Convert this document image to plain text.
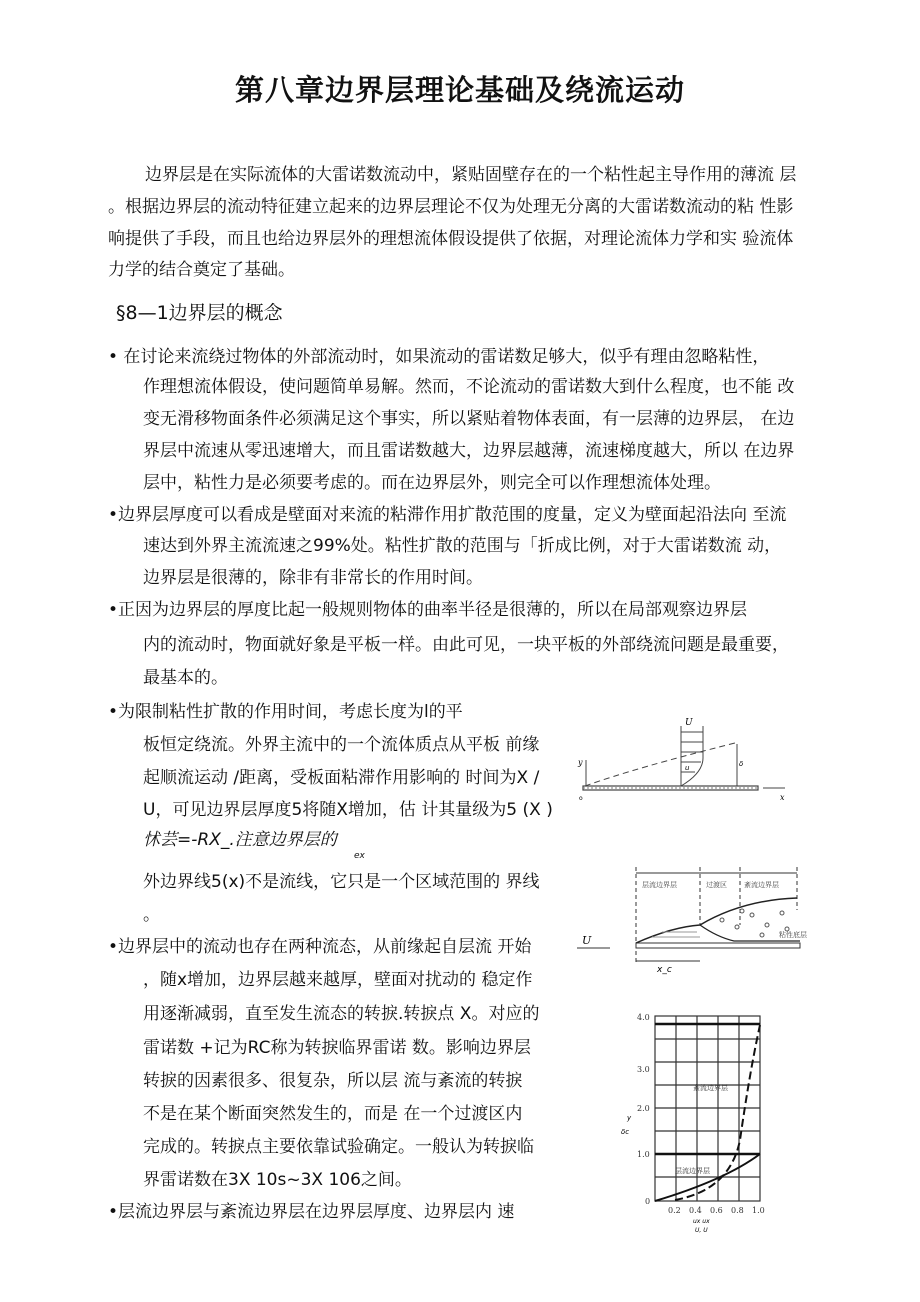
第八章边界层理论基础及绕流运动
边界层是在实际流体的大雷诺数流动中，紧贴固壁存在的一个粘性起主导作用的薄流 层
。根据边界层的流动特征建立起来的边界层理论不仅为处理无分离的大雷诺数流动的粘 性影
响提供了手段，而且也给边界层外的理想流体假设提供了依据，对理论流体力学和实 验流体
力学的结合奠定了基础。
§8—1边界层的概念
• 在讨论来流绕过物体的外部流动时，如果流动的雷诺数足够大，似乎有理由忽略粘性，
作理想流体假设，使问题简单易解。然而，不论流动的雷诺数大到什么程度，也不能 改
变无滑移物面条件必须满足这个事实，所以紧贴着物体表面，有一层薄的边界层， 在边
界层中流速从零迅速增大，而且雷诺数越大，边界层越薄，流速梯度越大，所以 在边界
层中，粘性力是必须要考虑的。而在边界层外，则完全可以作理想流体处理。
•边界层厚度可以看成是壁面对来流的粘滞作用扩散范围的度量，定义为壁面起沿法向 至流
速达到外界主流流速之99%处。粘性扩散的范围与「折成比例，对于大雷诺数流 动，
边界层是很薄的，除非有非常长的作用时间。
•正因为边界层的厚度比起一般规则物体的曲率半径是很薄的，所以在局部观察边界层
内的流动时，物面就好象是平板一样。由此可见，一块平板的外部绕流问题是最重要，
最基本的。
•为限制粘性扩散的作用时间，考虑长度为l的平
板恒定绕流。外界主流中的一个流体质点从平板 前缘
起顺流运动 /距离，受板面粘滞作用影响的 时间为X /
U，可见边界层厚度5将随X增加，估 计其量级为5 (X )
怵芸=-RX_.注意边界层的
ex
外边界线5(x)不是流线，它只是一个区域范围的 界线
。
•边界层中的流动也存在两种流态，从前缘起自层流 开始
，随x增加，边界层越来越厚，壁面对扰动的 稳定作
用逐渐减弱，直至发生流态的转捩.转捩点 X。对应的
雷诺数 +记为RC称为转捩临界雷诺 数。影响边界层
转捩的因素很多、很复杂，所以层 流与紊流的转捩
不是在某个断面突然发生的，而是 在一个过渡区内
完成的。转捩点主要依靠试验确定。一般认为转捩临
界雷诺数在3X 10s~3X 106之间。
•层流边界层与紊流边界层在边界层厚度、边界层内 速
U
y
x
o
u	δ
U
层流边界层	过渡区 紊流边界层
粘性底层
x_c
0
1.0
2.0
3.0
4.0
0.2 0.4 0.6 0.8 1.0
y
δc
ux ux
U, U
紊流边界层
层流边界层
